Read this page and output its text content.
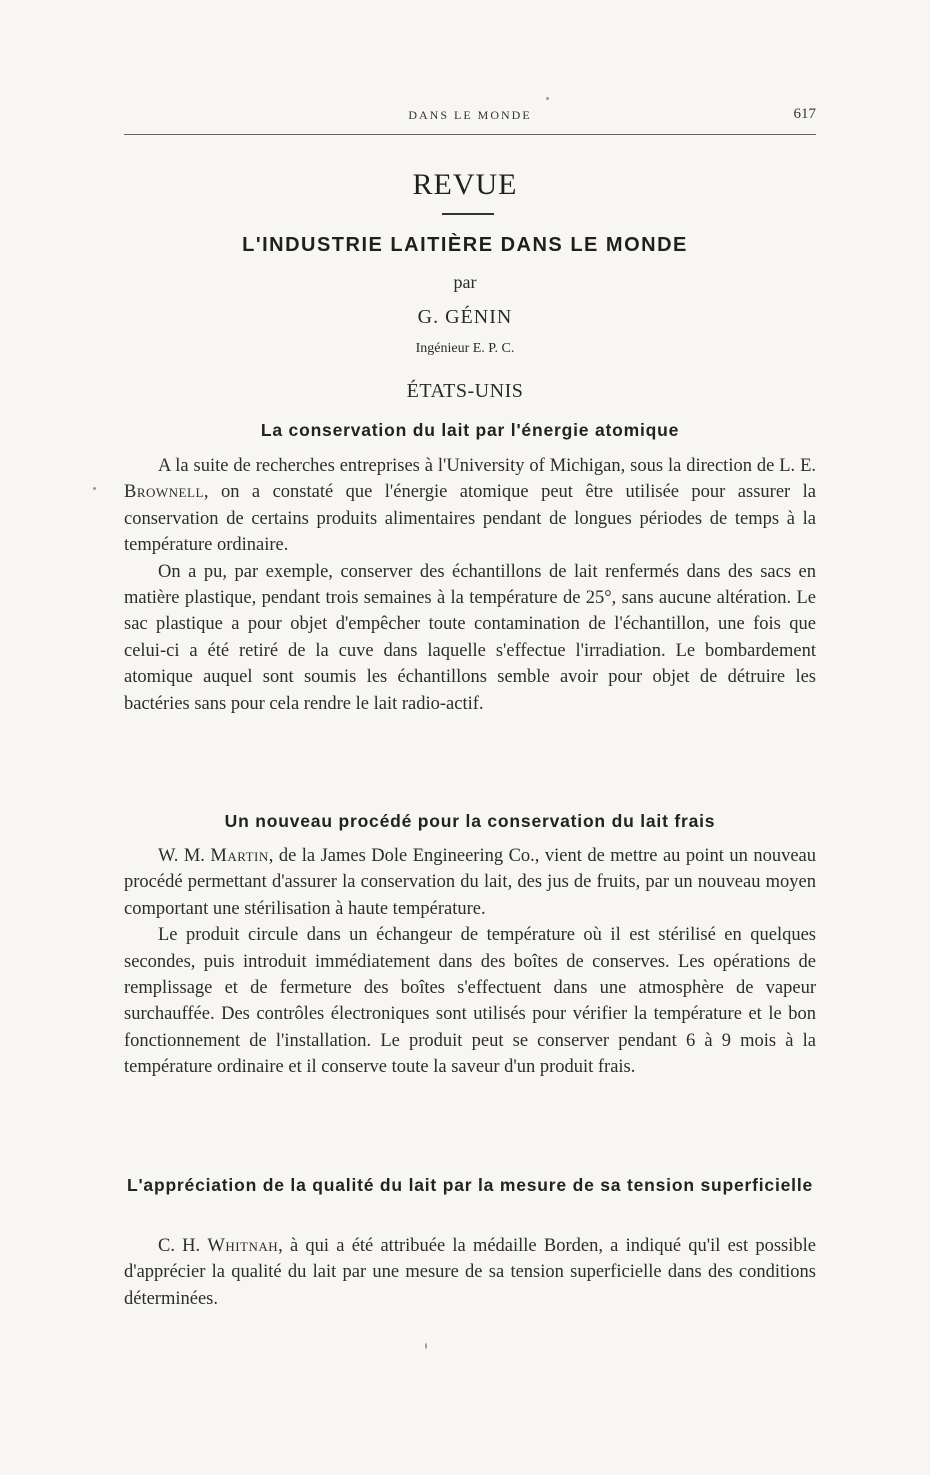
DANS LE MONDE	617
REVUE
L'INDUSTRIE LAITIÈRE DANS LE MONDE
par
G. GÉNIN
Ingénieur E. P. C.
ÉTATS-UNIS
La conservation du lait par l'énergie atomique

A la suite de recherches entreprises à l'University of Michigan, sous la direction de L. E. Brownell, on a constaté que l'énergie atomique peut être utilisée pour assurer la conservation de certains produits alimentaires pendant de longues périodes de temps à la température ordinaire.

On a pu, par exemple, conserver des échantillons de lait renfermés dans des sacs en matière plastique, pendant trois semaines à la température de 25°, sans aucune altération. Le sac plastique a pour objet d'empêcher toute contamination de l'échantillon, une fois que celui-ci a été retiré de la cuve dans laquelle s'effectue l'irradiation. Le bombardement atomique auquel sont soumis les échantillons semble avoir pour objet de détruire les bactéries sans pour cela rendre le lait radio-actif.

Un nouveau procédé pour la conservation du lait frais

W. M. Martin, de la James Dole Engineering Co., vient de mettre au point un nouveau procédé permettant d'assurer la conservation du lait, des jus de fruits, par un nouveau moyen comportant une stérilisation à haute température.

Le produit circule dans un échangeur de température où il est stérilisé en quelques secondes, puis introduit immédiatement dans des boîtes de conserves. Les opérations de remplissage et de fermeture des boîtes s'effectuent dans une atmosphère de vapeur surchauffée. Des contrôles électroniques sont utilisés pour vérifier la température et le bon fonctionnement de l'installation. Le produit peut se conserver pendant 6 à 9 mois à la température ordinaire et il conserve toute la saveur d'un produit frais.

L'appréciation de la qualité du lait par la mesure de sa tension superficielle

C. H. Whitnah, à qui a été attribuée la médaille Borden, a indiqué qu'il est possible d'apprécier la qualité du lait par une mesure de sa tension superficielle dans des conditions déterminées.
